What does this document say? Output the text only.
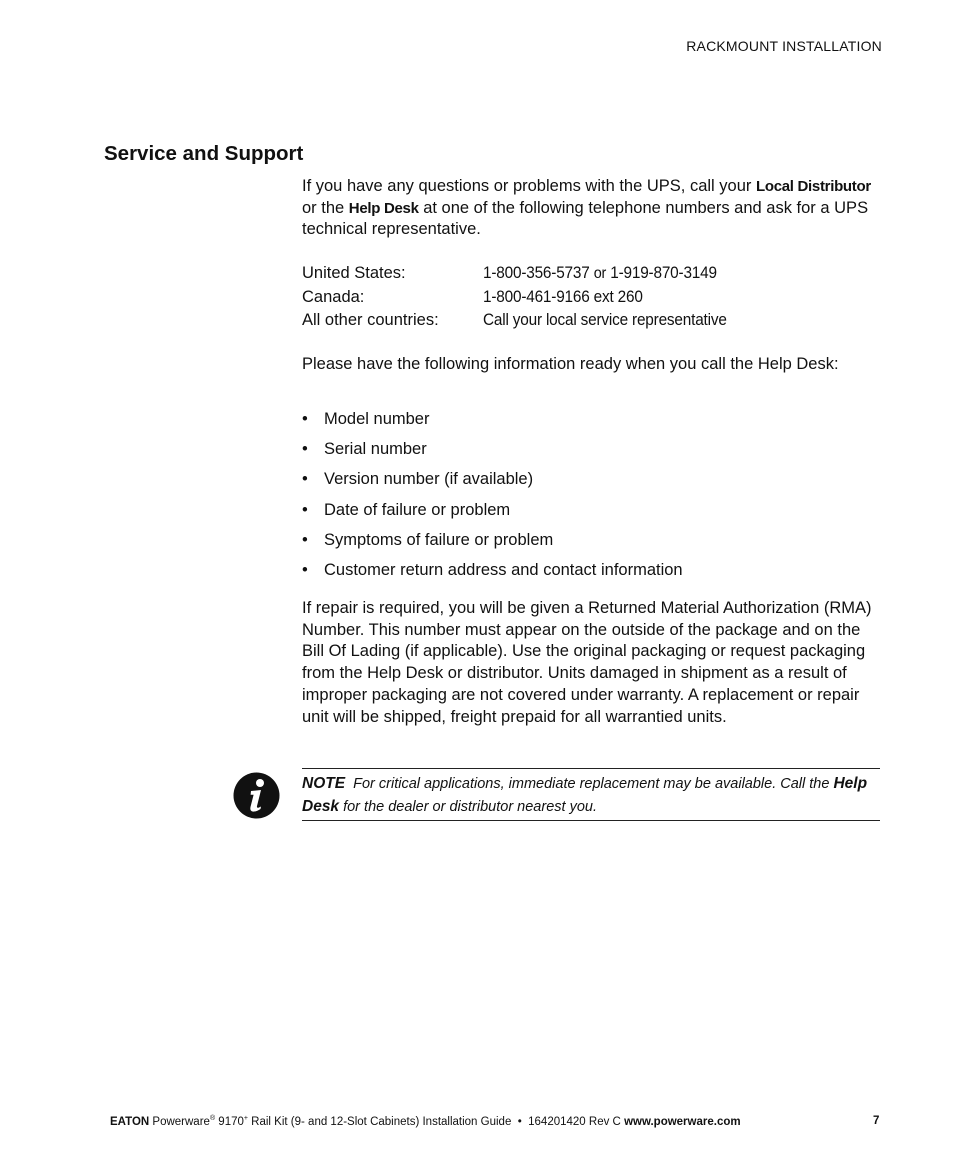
RACKMOUNT INSTALLATION
Service and Support
If you have any questions or problems with the UPS, call your Local Distributor or the Help Desk at one of the following telephone numbers and ask for a UPS technical representative.
United States:	1-800-356-5737 or 1-919-870-3149
Canada:	1-800-461-9166 ext 260
All other countries:	Call your local service representative
Please have the following information ready when you call the Help Desk:
• Model number
• Serial number
• Version number (if available)
• Date of failure or problem
• Symptoms of failure or problem
• Customer return address and contact information
If repair is required, you will be given a Returned Material Authorization (RMA) Number. This number must appear on the outside of the package and on the Bill Of Lading (if applicable). Use the original packaging or request packaging from the Help Desk or distributor. Units damaged in shipment as a result of improper packaging are not covered under warranty. A replacement or repair unit will be shipped, freight prepaid for all warrantied units.
NOTE For critical applications, immediate replacement may be available. Call the Help Desk for the dealer or distributor nearest you.
EATON Powerware® 9170+ Rail Kit (9- and 12-Slot Cabinets) Installation Guide  •  164201420 Rev C www.powerware.com	7
